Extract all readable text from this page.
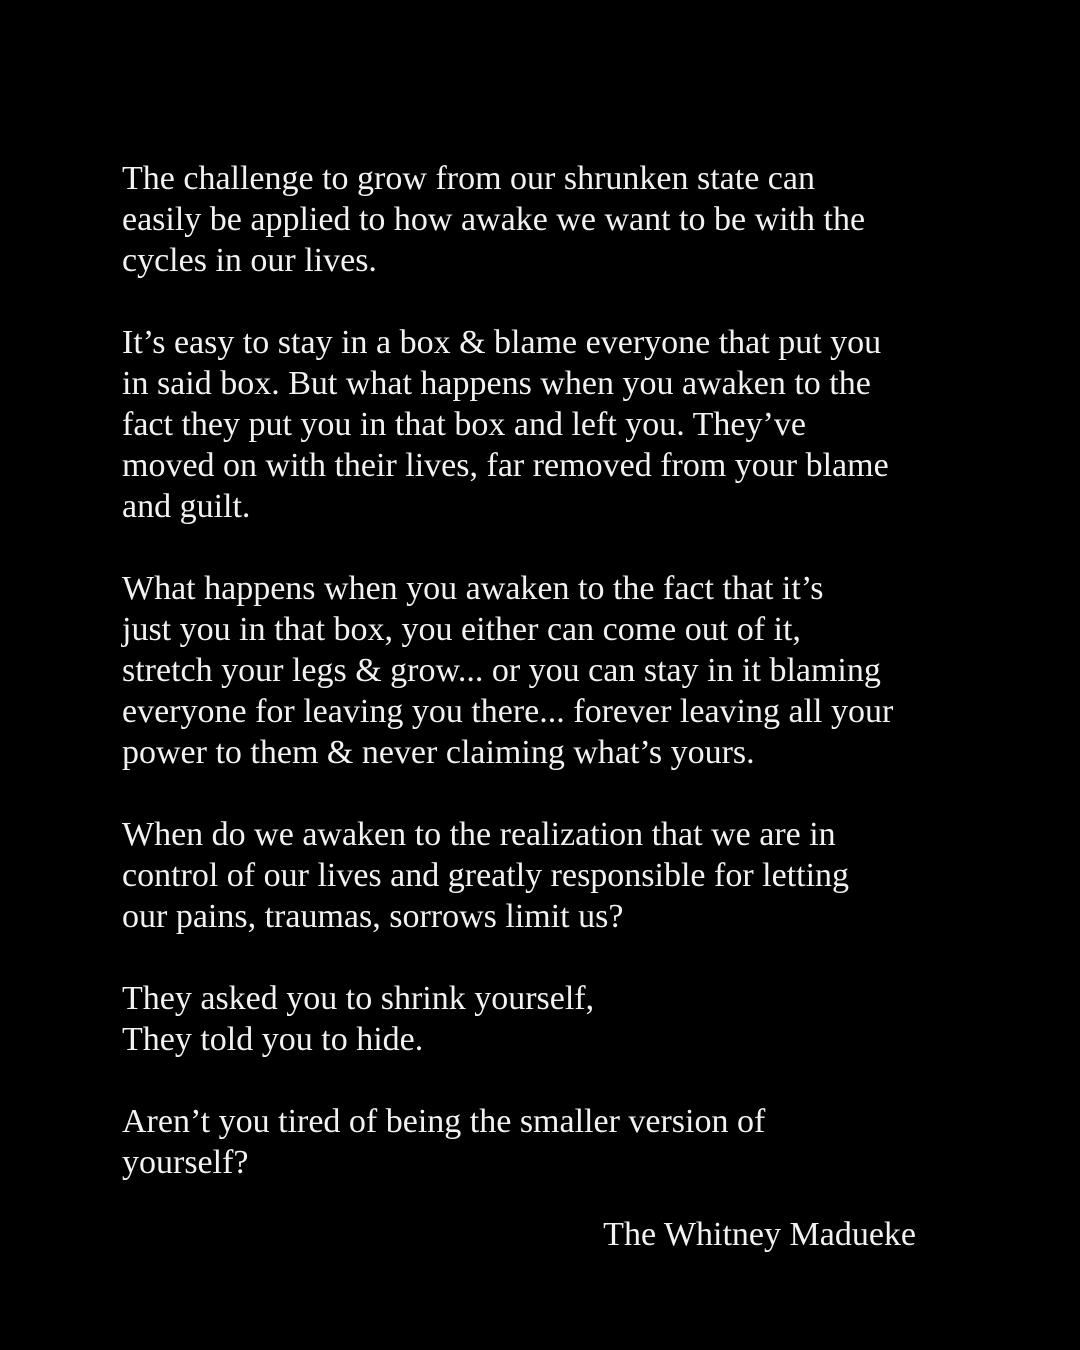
The challenge to grow from our shrunken state can
easily be applied to how awake we want to be with the
cycles in our lives.

It’s easy to stay in a box & blame everyone that put you
in said box. But what happens when you awaken to the
fact they put you in that box and left you. They’ve
moved on with their lives, far removed from your blame
and guilt.

What happens when you awaken to the fact that it’s
just you in that box, you either can come out of it,
stretch your legs & grow... or you can stay in it blaming
everyone for leaving you there... forever leaving all your
power to them & never claiming what’s yours.

When do we awaken to the realization that we are in
control of our lives and greatly responsible for letting
our pains, traumas, sorrows limit us?

They asked you to shrink yourself,
They told you to hide.

Aren’t you tired of being the smaller version of
yourself?

The Whitney Madueke
